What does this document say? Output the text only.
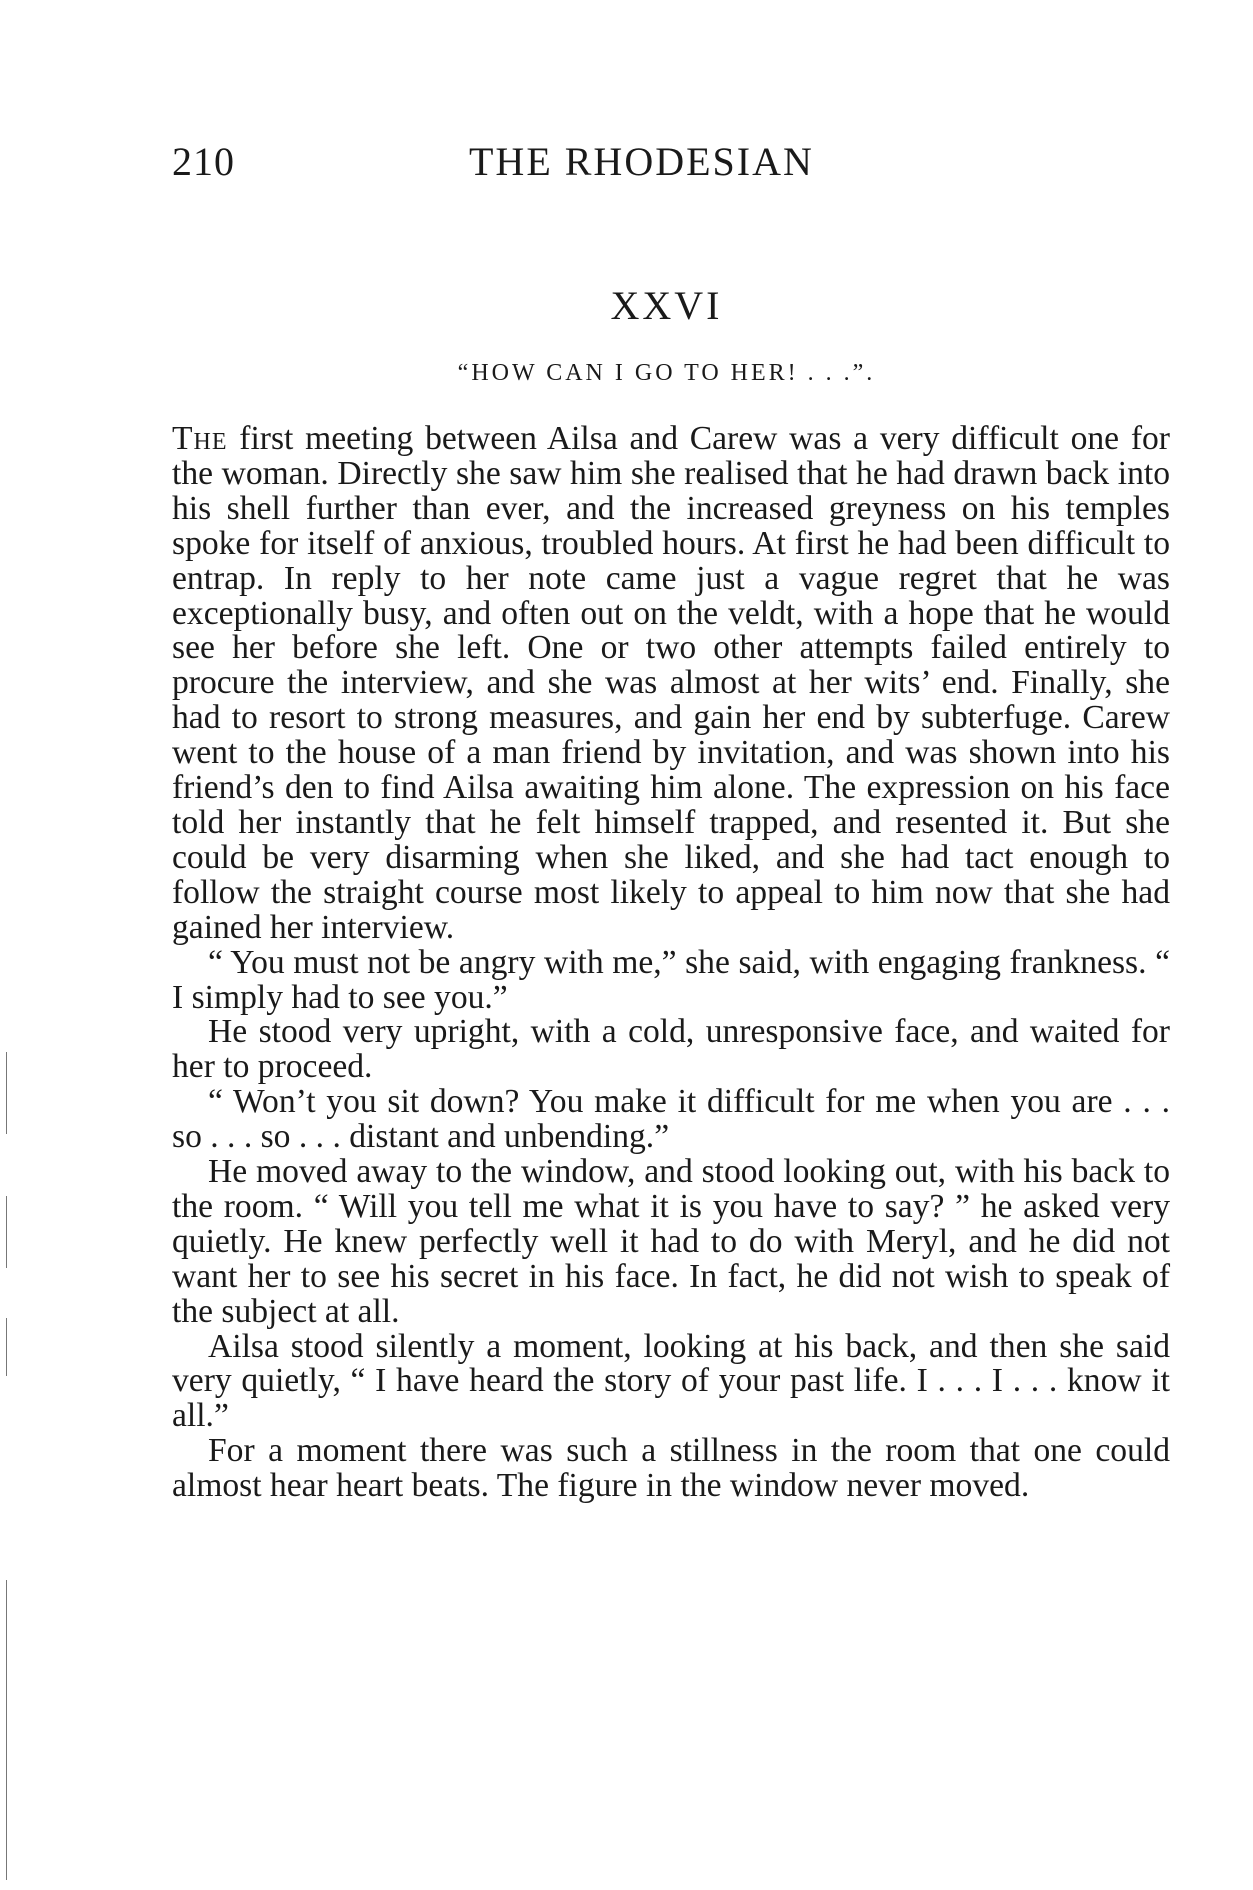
210	THE RHODESIAN
XXVI
“HOW CAN I GO TO HER! . . .”.

The first meeting between Ailsa and Carew was a very difficult one for the woman. Directly she saw him she realised that he had drawn back into his shell further than ever, and the increased greyness on his temples spoke for itself of anxious, troubled hours. At first he had been difficult to entrap. In reply to her note came just a vague regret that he was exceptionally busy, and often out on the veldt, with a hope that he would see her before she left. One or two other attempts failed entirely to procure the interview, and she was almost at her wits’ end. Finally, she had to resort to strong measures, and gain her end by subterfuge. Carew went to the house of a man friend by invitation, and was shown into his friend’s den to find Ailsa awaiting him alone. The expression on his face told her instantly that he felt himself trapped, and resented it. But she could be very disarming when she liked, and she had tact enough to follow the straight course most likely to appeal to him now that she had gained her interview.

“ You must not be angry with me,” she said, with engaging frankness. “ I simply had to see you.”

He stood very upright, with a cold, unresponsive face, and waited for her to proceed.

“ Won’t you sit down? You make it difficult for me when you are . . . so . . . so . . . distant and unbending.”

He moved away to the window, and stood looking out, with his back to the room. “ Will you tell me what it is you have to say? ” he asked very quietly. He knew perfectly well it had to do with Meryl, and he did not want her to see his secret in his face. In fact, he did not wish to speak of the subject at all.

Ailsa stood silently a moment, looking at his back, and then she said very quietly, “ I have heard the story of your past life. I . . . I . . . know it all.”

For a moment there was such a stillness in the room that one could almost hear heart beats. The figure in the window never moved.
